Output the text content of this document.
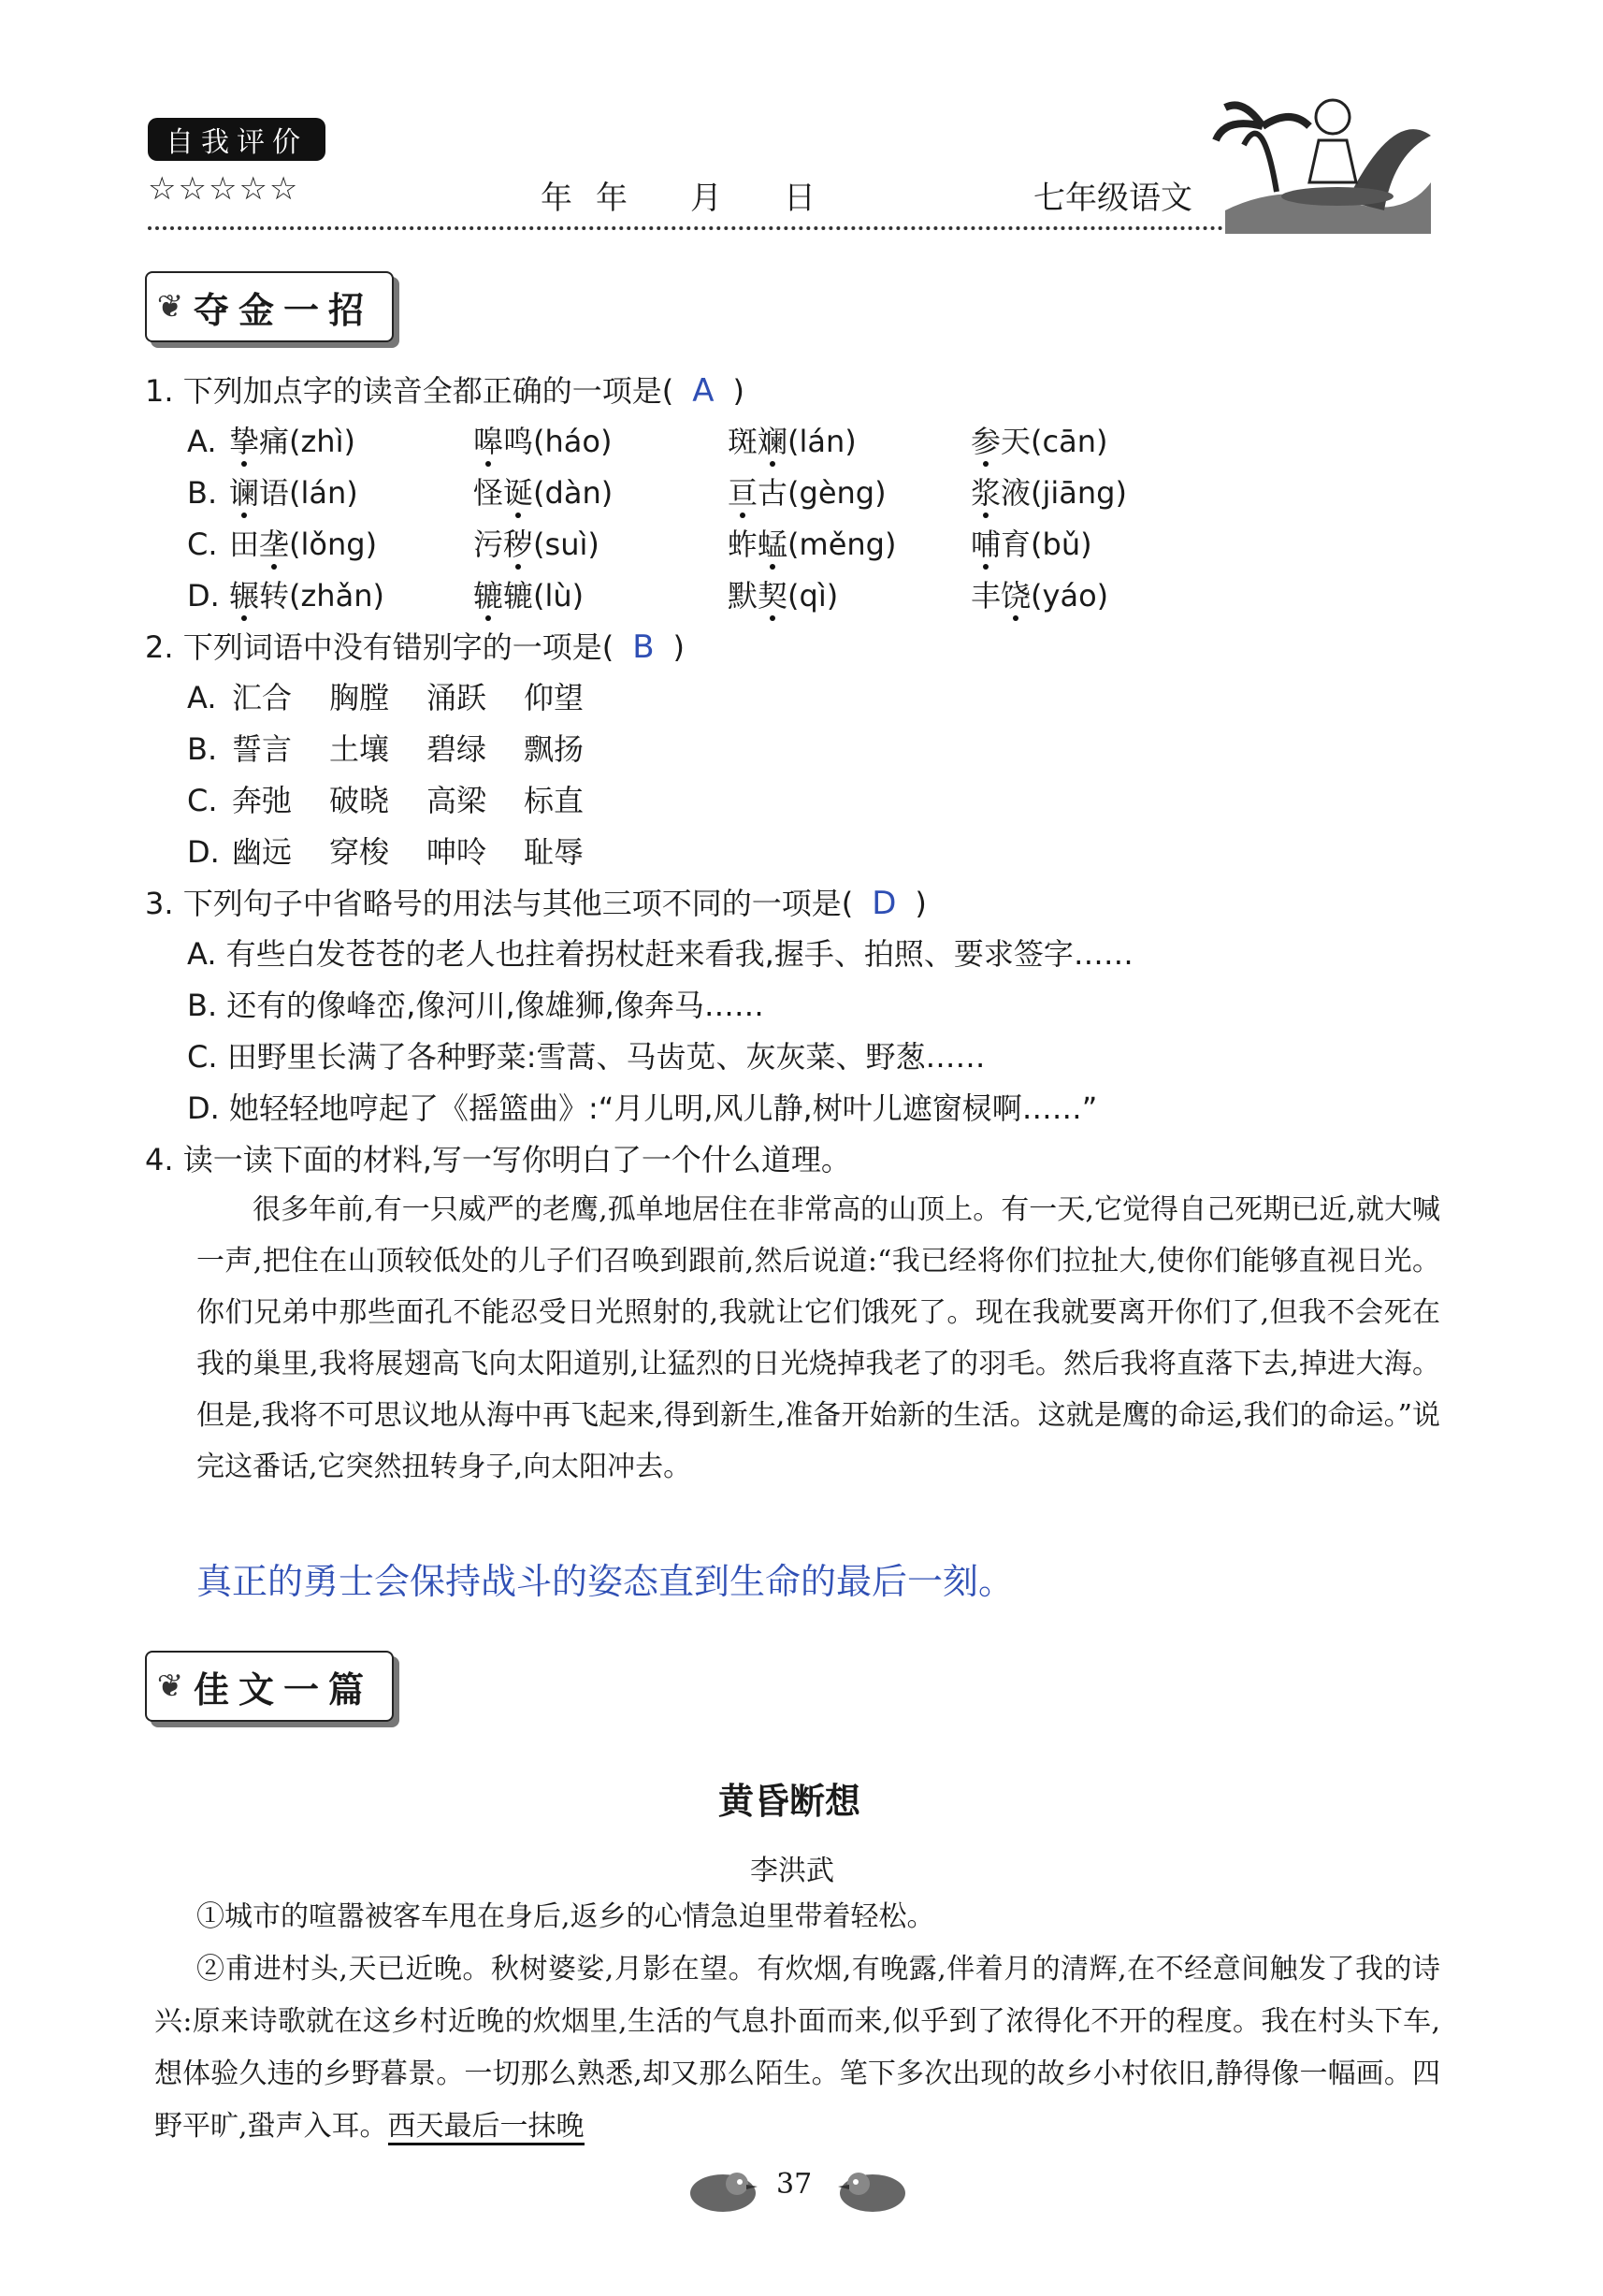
自我评价
☆☆☆☆☆	年 年 月 日	七年级语文
❦ 夺金一招
1. 下列加点字的读音全都正确的一项是( A )
A. 挚痛(zhì)	嗥鸣(háo)	斑斓(lán)	参天(cān)
B. 谰语(lán)	怪诞(dàn)	亘古(gèng)	浆液(jiāng)
C. 田垄(lǒng)	污秽(suì)	蚱蜢(měng) 哺育(bǔ)
D. 辗转(zhǎn)	辘辘(lù)	默契(qì)	丰饶(yáo)
2. 下列词语中没有错别字的一项是( B )
A. 汇合 胸膛 涌跃 仰望
B. 誓言 土壤 碧绿 飘扬
C. 奔弛 破晓 高梁 标直
D. 幽远 穿梭 呻呤 耻辱
3. 下列句子中省略号的用法与其他三项不同的一项是( D )
A. 有些白发苍苍的老人也拄着拐杖赶来看我,握手、拍照、要求签字……
B. 还有的像峰峦,像河川,像雄狮,像奔马……
C. 田野里长满了各种野菜:雪蒿、马齿苋、灰灰菜、野葱……
D. 她轻轻地哼起了《摇篮曲》:“月儿明,风儿静,树叶儿遮窗棂啊……”
4. 读一读下面的材料,写一写你明白了一个什么道理。
很多年前,有一只威严的老鹰,孤单地居住在非常高的山顶上。有一天,它觉得自己死期已近,就大喊一声,把住在山顶较低处的儿子们召唤到跟前,然后说道:“我已经将你们拉扯大,使你们能够直视日光。你们兄弟中那些面孔不能忍受日光照射的,我就让它们饿死了。现在我就要离开你们了,但我不会死在我的巢里,我将展翅高飞向太阳道别,让猛烈的日光烧掉我老了的羽毛。然后我将直落下去,掉进大海。但是,我将不可思议地从海中再飞起来,得到新生,准备开始新的生活。这就是鹰的命运,我们的命运。”说完这番话,它突然扭转身子,向太阳冲去。
真正的勇士会保持战斗的姿态直到生命的最后一刻。
❦ 佳文一篇
黄昏断想
李洪武
①城市的喧嚣被客车甩在身后,返乡的心情急迫里带着轻松。
②甫进村头,天已近晚。秋树婆娑,月影在望。有炊烟,有晚露,伴着月的清辉,在不经意间触发了我的诗兴:原来诗歌就在这乡村近晚的炊烟里,生活的气息扑面而来,似乎到了浓得化不开的程度。我在村头下车,想体验久违的乡野暮景。一切那么熟悉,却又那么陌生。笔下多次出现的故乡小村依旧,静得像一幅画。四野平旷,蛩声入耳。西天最后一抹晚
37
